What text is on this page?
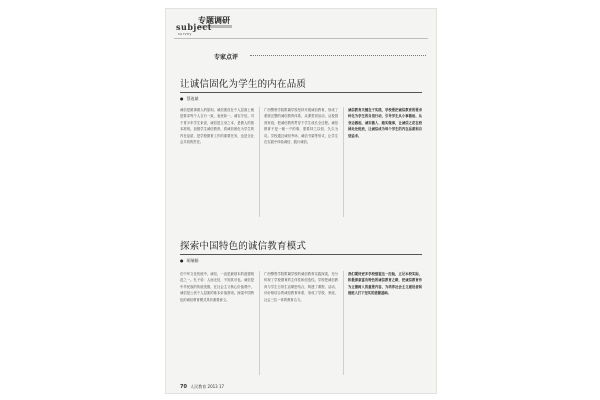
专题调研
subject
survey
专家点评
让诚信固化为学生的内在品质
● 蔡连斌
诚信是做事做人的原则。诚信建设在个人层面上就是要求每个人言行一致，表里如一，诚实守信。对于青少年学生来说，诚信是立身之本，是做人的基本准则。加强学生诚信教育，将诚信固化为学生的内在品质，是学校德育工作的重要任务，也是全社会共同的责任。
广西警察学院附属学校坚持开展诚信教育，形成了系统完整的诚信教育体系，从课堂到活动，从校园到家庭，把诚信教育贯穿于学生成长全过程。诚信教育不是一朝一夕的事，需要持之以恒、久久为功。学校通过诚信考场、诚信书架等形式，让学生在实践中体验诚信、践行诚信。
诚信教育关键在于实践，学校要把诚信教育的要求转化为学生的自觉行动，引导学生从小事做起、从身边做起，诚实做人、踏实做事，让诚信之花在校园处处绽放，让诚信成为每个学生的内在品质和自觉追求。
探索中国特色的诚信教育模式
● 胡瑞娟
在中华文化传统中，诚信，一直是最基本的道德规范之一。孔子说：人而无信，不知其可也。诚信是中华民族的传统美德，在社会主义核心价值观中，诚信是公民个人层面的基本价值准则。探索中国特色的诚信教育模式具有重要意义。
广西警察学院附属学校的诚信教育实践探索，充分体现了学校德育的主体性和创造性。学校把诚信教育与学生日常生活紧密结合，构建了课程、活动、评价相结合的诚信教育体系，形成了学校、家庭、社会三位一体的教育合力。
我们期待更多学校借鉴这一经验，立足本校实际，积极探索富有特色的诚信教育之路，把诚信教育作为立德树人的重要内容，为培养社会主义建设者和接班人打下坚实的道德基础。
70 人民教育 2013 17
